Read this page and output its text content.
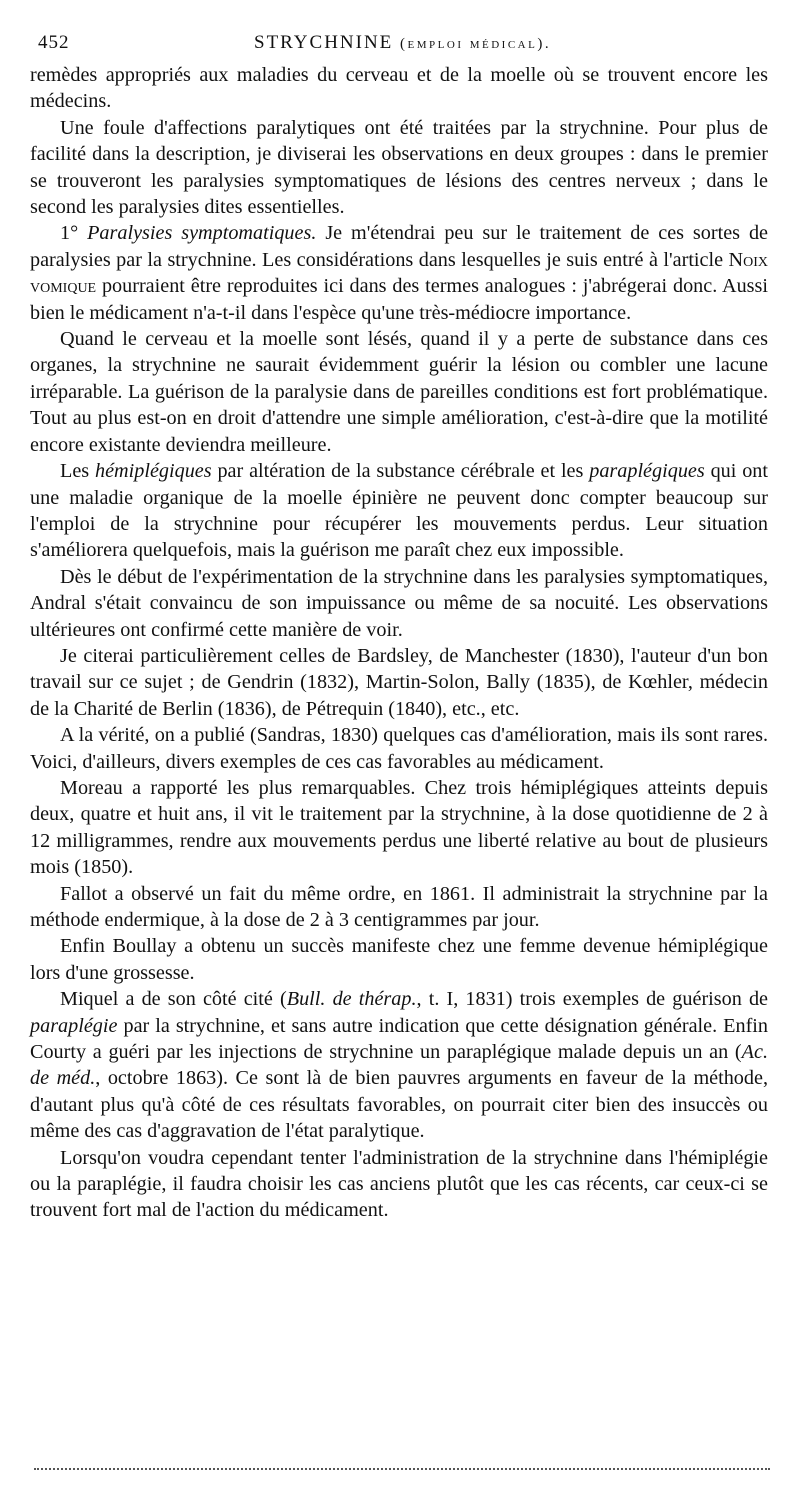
452	STRYCHNINE (emploi médical).

remèdes appropriés aux maladies du cerveau et de la moelle où se trouvent encore les médecins.

Une foule d'affections paralytiques ont été traitées par la strychnine. Pour plus de facilité dans la description, je diviserai les observations en deux groupes : dans le premier se trouveront les paralysies symptomatiques de lésions des centres nerveux ; dans le second les paralysies dites essentielles.

1° Paralysies symptomatiques. Je m'étendrai peu sur le traitement de ces sortes de paralysies par la strychnine. Les considérations dans lesquelles je suis entré à l'article Noix vomique pourraient être reproduites ici dans des termes analogues : j'abrégerai donc. Aussi bien le médicament n'a-t-il dans l'espèce qu'une très-médiocre importance.

Quand le cerveau et la moelle sont lésés, quand il y a perte de substance dans ces organes, la strychnine ne saurait évidemment guérir la lésion ou combler une lacune irréparable. La guérison de la paralysie dans de pareilles conditions est fort problématique. Tout au plus est-on en droit d'attendre une simple amélioration, c'est-à-dire que la motilité encore existante deviendra meilleure.

Les hémiplégiques par altération de la substance cérébrale et les paraplégiques qui ont une maladie organique de la moelle épinière ne peuvent donc compter beaucoup sur l'emploi de la strychnine pour récupérer les mouvements perdus. Leur situation s'améliorera quelquefois, mais la guérison me paraît chez eux impossible.

Dès le début de l'expérimentation de la strychnine dans les paralysies symptomatiques, Andral s'était convaincu de son impuissance ou même de sa nocuité. Les observations ultérieures ont confirmé cette manière de voir.

Je citerai particulièrement celles de Bardsley, de Manchester (1830), l'auteur d'un bon travail sur ce sujet ; de Gendrin (1832), Martin-Solon, Bally (1835), de Kœhler, médecin de la Charité de Berlin (1836), de Pétrequin (1840), etc., etc.

A la vérité, on a publié (Sandras, 1830) quelques cas d'amélioration, mais ils sont rares. Voici, d'ailleurs, divers exemples de ces cas favorables au médicament.

Moreau a rapporté les plus remarquables. Chez trois hémiplégiques atteints depuis deux, quatre et huit ans, il vit le traitement par la strychnine, à la dose quotidienne de 2 à 12 milligrammes, rendre aux mouvements perdus une liberté relative au bout de plusieurs mois (1850).

Fallot a observé un fait du même ordre, en 1861. Il administrait la strychnine par la méthode endermique, à la dose de 2 à 3 centigrammes par jour.

Enfin Boullay a obtenu un succès manifeste chez une femme devenue hémiplégique lors d'une grossesse.

Miquel a de son côté cité (Bull. de thérap., t. I, 1831) trois exemples de guérison de paraplégie par la strychnine, et sans autre indication que cette désignation générale. Enfin Courty a guéri par les injections de strychnine un paraplégique malade depuis un an (Ac. de méd., octobre 1863). Ce sont là de bien pauvres arguments en faveur de la méthode, d'autant plus qu'à côté de ces résultats favorables, on pourrait citer bien des insuccès ou même des cas d'aggravation de l'état paralytique.

Lorsqu'on voudra cependant tenter l'administration de la strychnine dans l'hémiplégie ou la paraplégie, il faudra choisir les cas anciens plutôt que les cas récents, car ceux-ci se trouvent fort mal de l'action du médicament.
